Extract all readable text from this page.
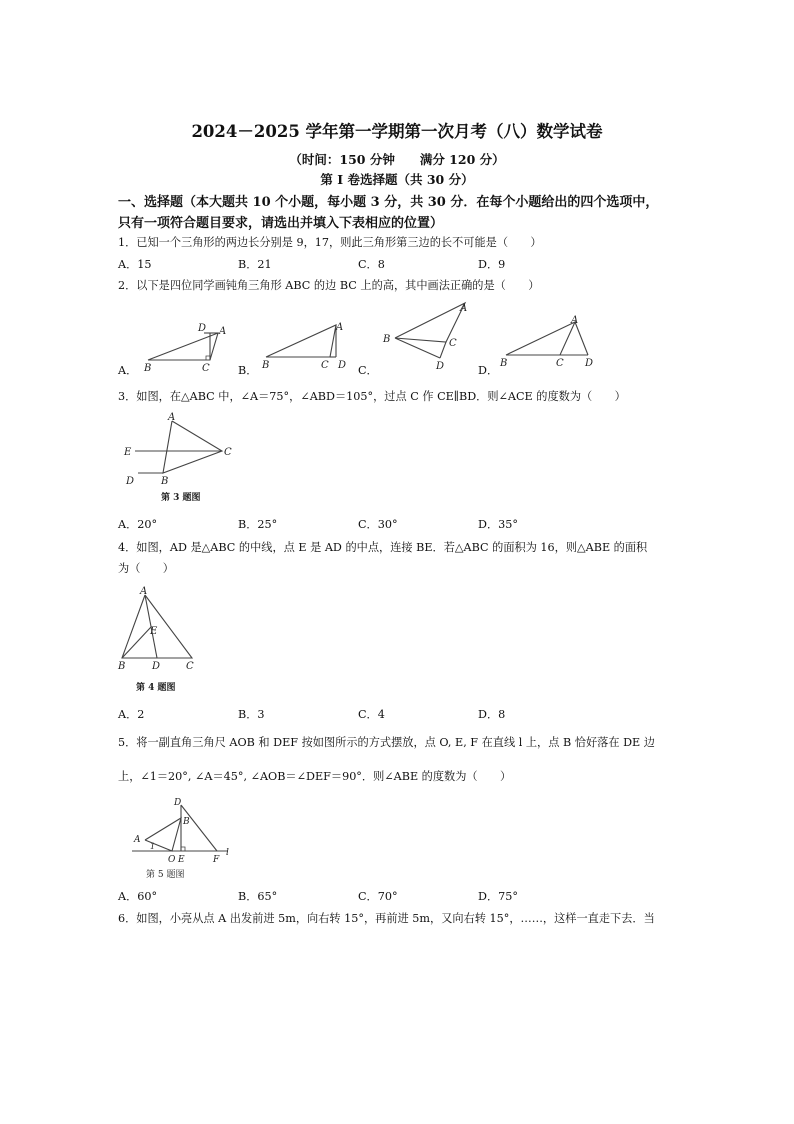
2024－2025 学年第一学期第一次月考（八）数学试卷
（时间：150 分钟　　满分 120 分）
第 I 卷选择题（共 30 分）
一、选择题（本大题共 10 个小题，每小题 3 分，共 30 分．在每个小题给出的四个选项中，
只有一项符合题目要求，请选出并填入下表相应的位置）
1．已知一个三角形的两边长分别是 9，17，则此三角形第三边的长不可能是（　　）
A．15	B．21	C．8	D．9
2．以下是四位同学画钝角三角形 ABC 的边 BC 上的高，其中画法正确的是（　　）
A．	B．	C．	D．
D A
B	C
A
B	C D
A
B	C
D
A
B	C D
A
E	C
D	B
第 3 题图
A
E
B	D	C
第 4 题图
D
B
A
1
O E	F
l
第 5 题图
3．如图，在△ABC 中，∠A＝75°，∠ABD＝105°，过点 C 作 CE∥BD．则∠ACE 的度数为（　　）
A．20°	B．25°	C．30°	D．35°
4．如图，AD 是△ABC 的中线，点 E 是 AD 的中点，连接 BE．若△ABC 的面积为 16，则△ABE 的面积
为（　　）
A．2	B．3	C．4	D．8
5．将一副直角三角尺 AOB 和 DEF 按如图所示的方式摆放，点 O, E, F 在直线 l 上，点 B 恰好落在 DE 边
上，∠1＝20°, ∠A＝45°, ∠AOB＝∠DEF＝90°．则∠ABE 的度数为（　　）
A．60°	B．65°	C．70°	D．75°
6．如图，小亮从点 A 出发前进 5m，向右转 15°，再前进 5m，又向右转 15°，……，这样一直走下去．当
